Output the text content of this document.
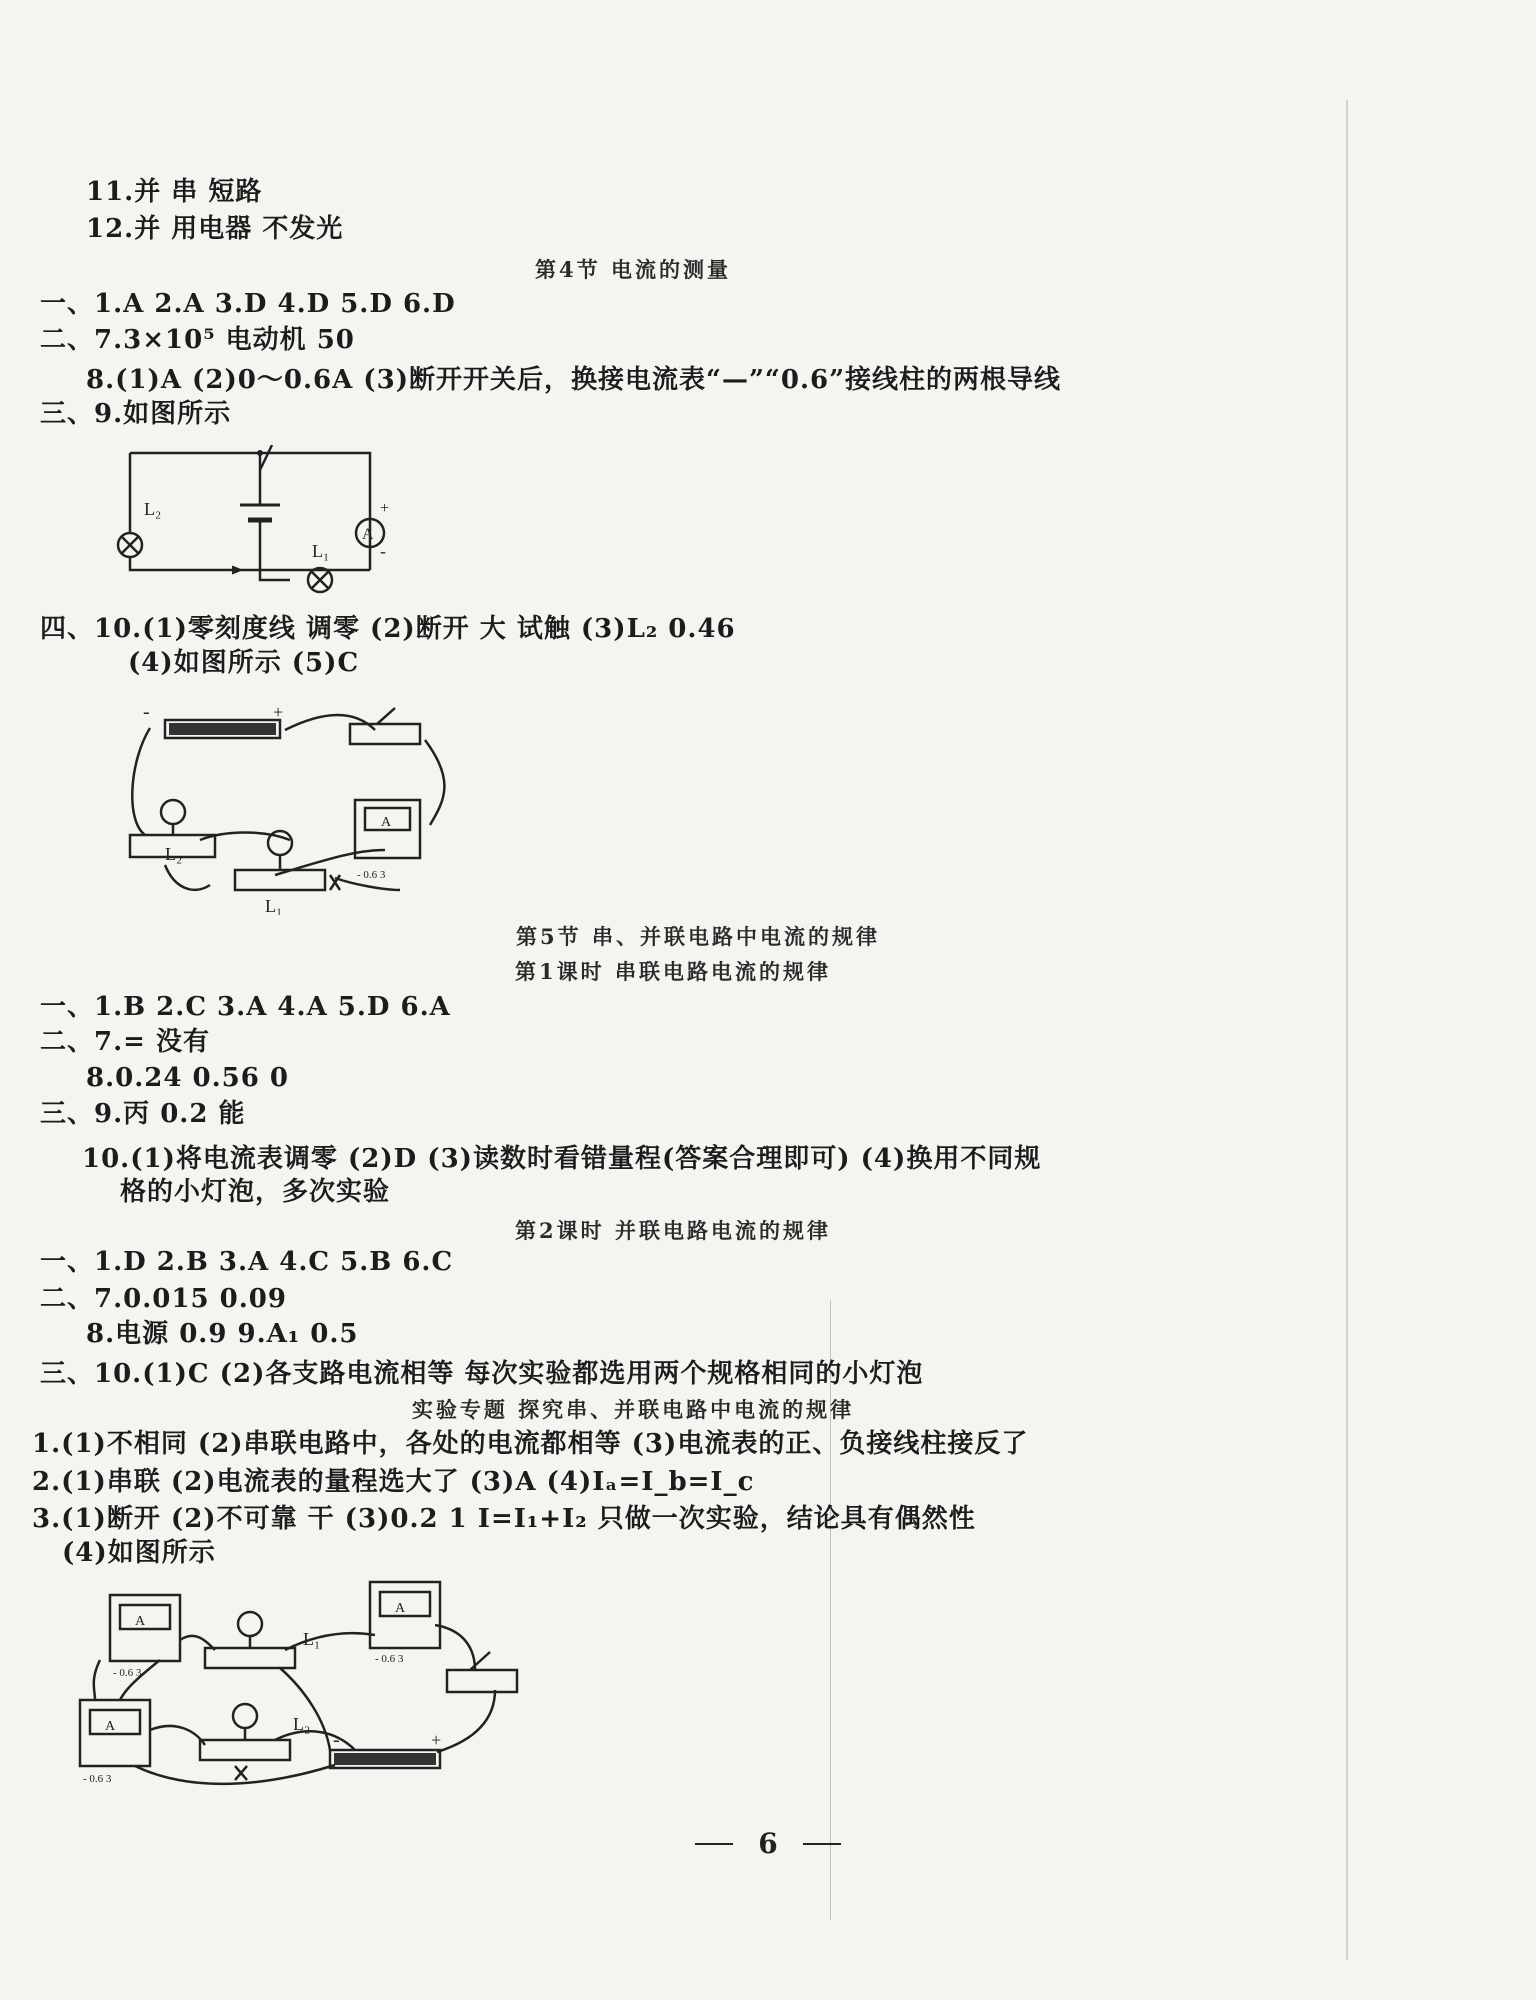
11.并 串 短路
12.并 用电器 不发光
第4节 电流的测量
一、1.A 2.A 3.D 4.D 5.D 6.D
二、7.3×10⁵ 电动机 50
8.(1)A (2)0～0.6A (3)断开开关后，换接电流表“—”“0.6”接线柱的两根导线
三、9.如图所示
L₂
L₁
A
+
-
四、10.(1)零刻度线 调零 (2)断开 大 试触 (3)L₂ 0.46
(4)如图所示 (5)C
-	+
L₂
L₁
A
- 0.6 3
第5节 串、并联电路中电流的规律
第1课时 串联电路电流的规律
一、1.B 2.C 3.A 4.A 5.D 6.A
二、7.= 没有
8.0.24 0.56 0
三、9.丙 0.2 能
10.(1)将电流表调零 (2)D (3)读数时看错量程(答案合理即可) (4)换用不同规
格的小灯泡，多次实验
第2课时 并联电路电流的规律
一、1.D 2.B 3.A 4.C 5.B 6.C
二、7.0.015 0.09
8.电源 0.9 9.A₁ 0.5
三、10.(1)C (2)各支路电流相等 每次实验都选用两个规格相同的小灯泡
实验专题 探究串、并联电路中电流的规律
1.(1)不相同 (2)串联电路中，各处的电流都相等 (3)电流表的正、负接线柱接反了
2.(1)串联 (2)电流表的量程选大了 (3)A (4)Iₐ=I_b=I_c
3.(1)断开 (2)不可靠 干 (3)0.2 1 I=I₁+I₂ 只做一次实验，结论具有偶然性
(4)如图所示
A
A
A
L₁
L₂
- 0.6 3
- 0.6 3
- 0.6 3
+
-
6
